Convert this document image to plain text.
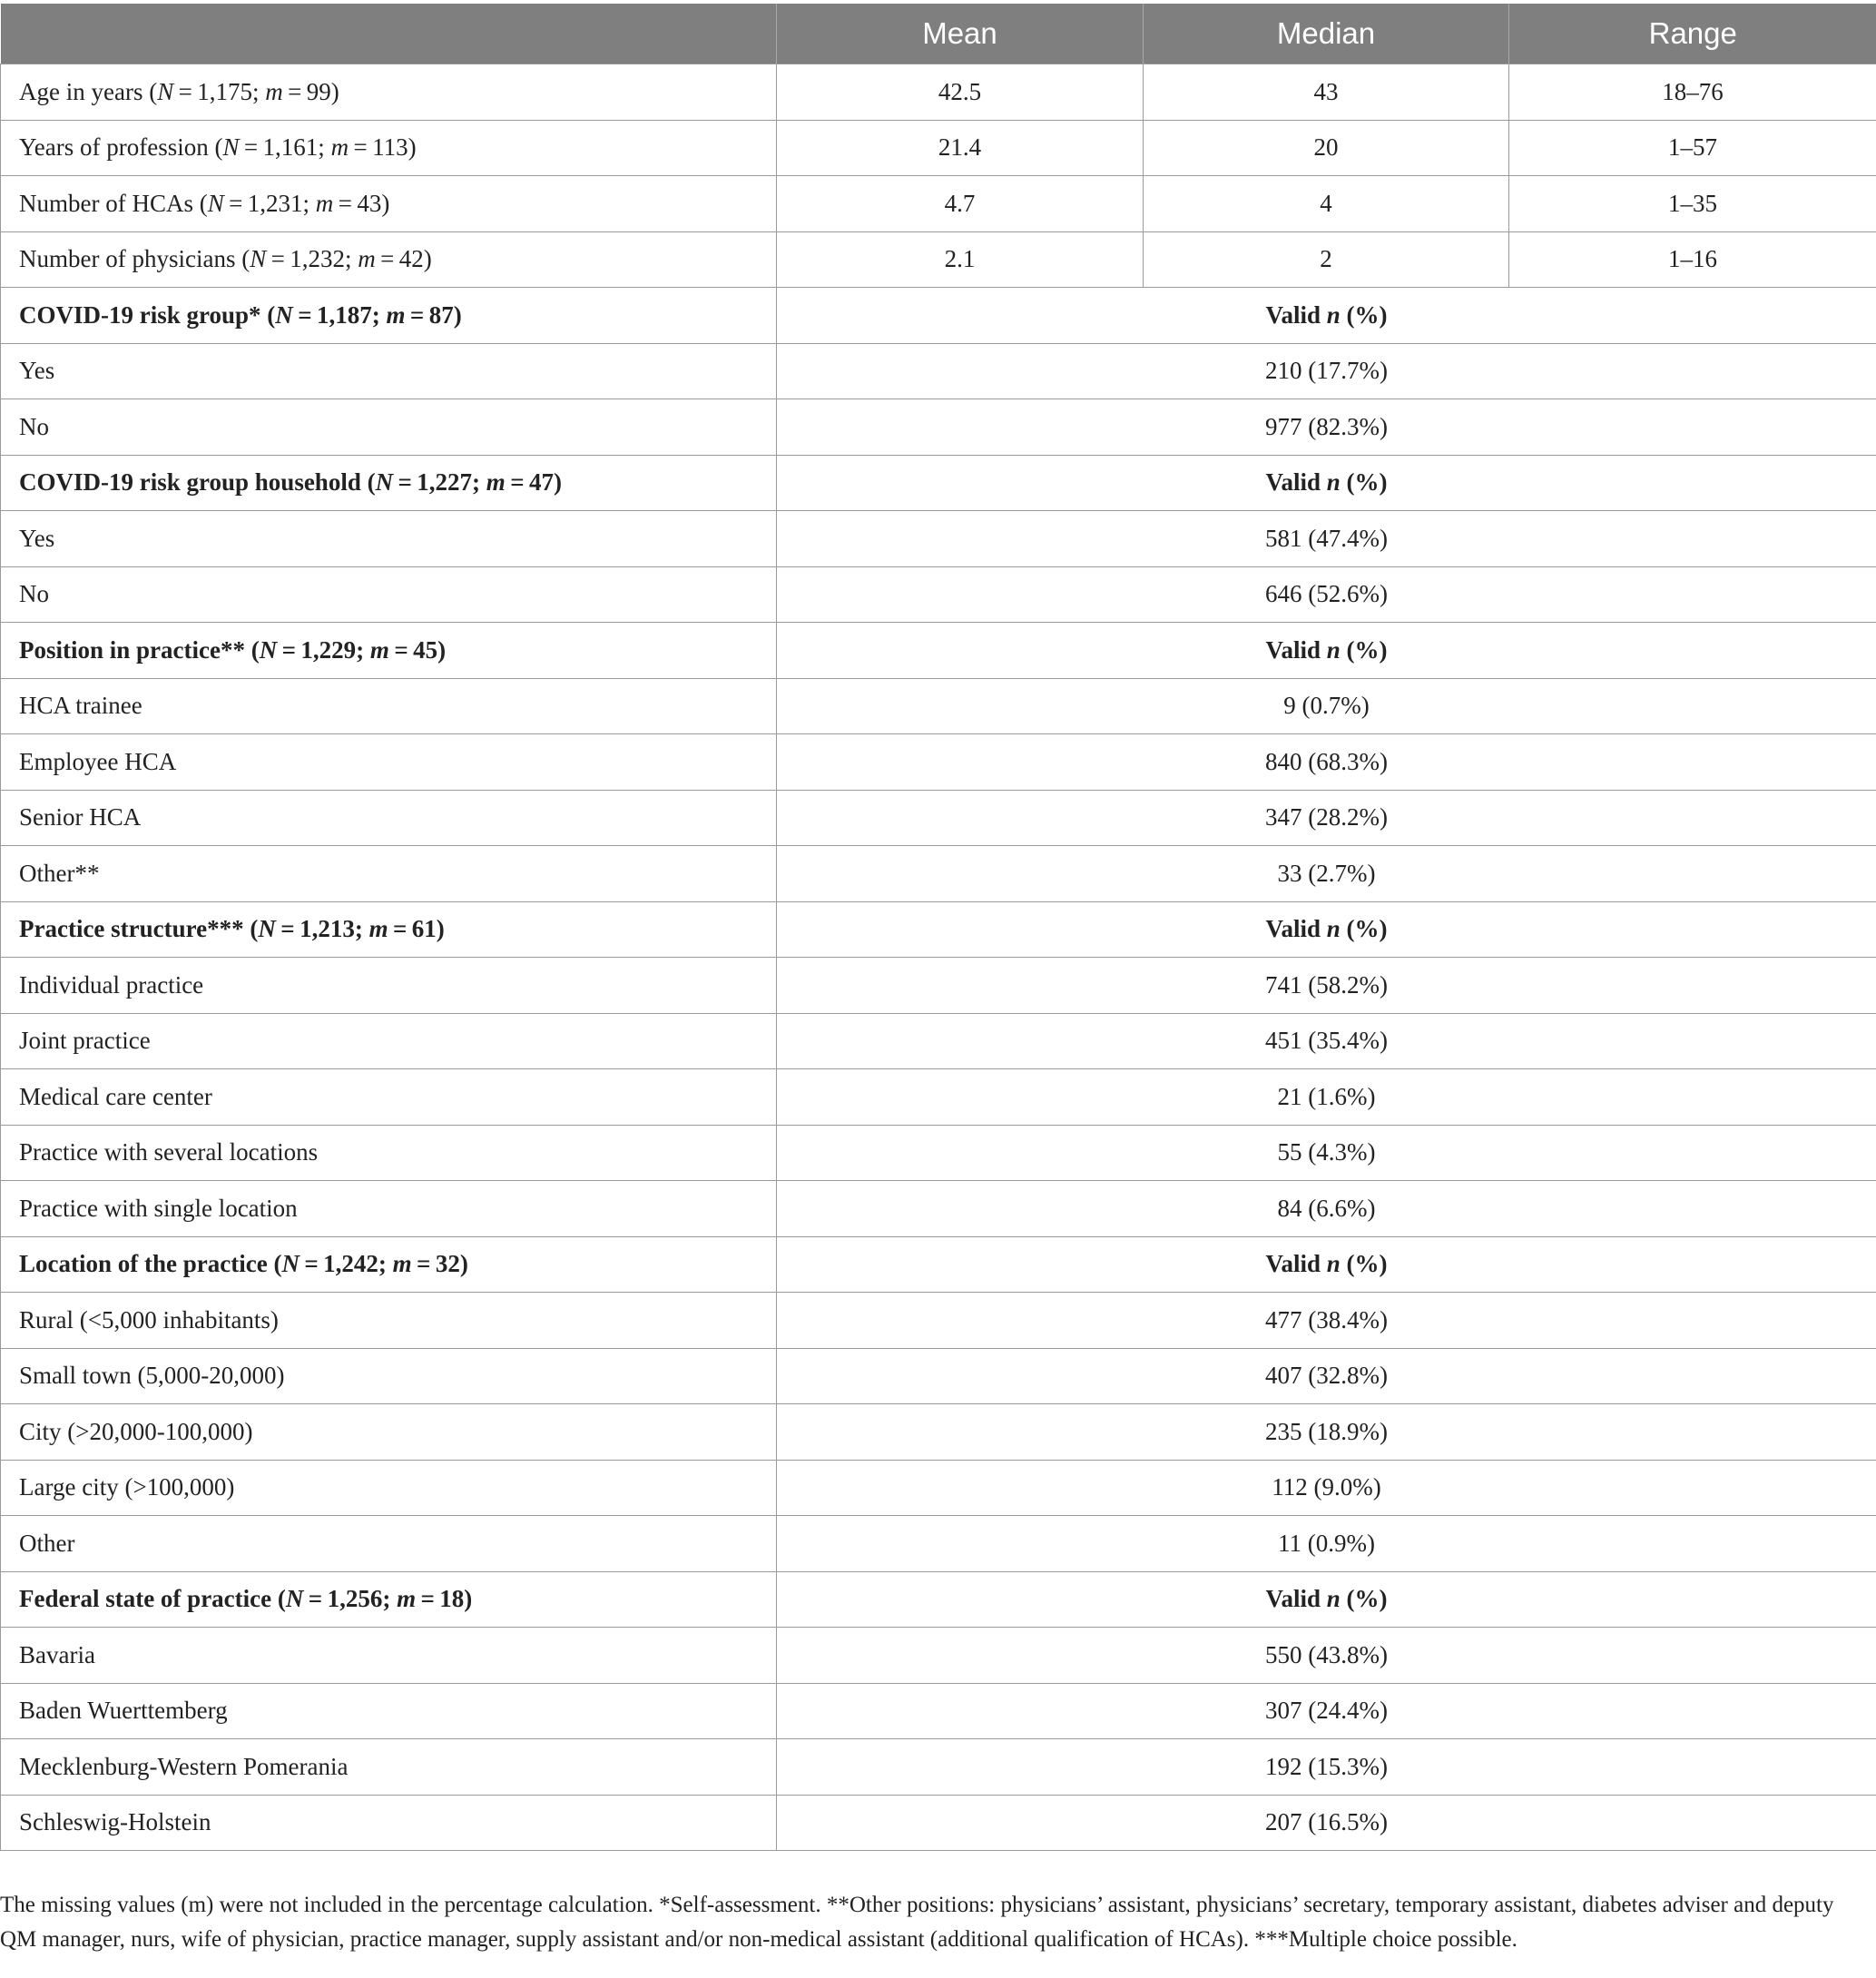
	Mean	Median	Range
Age in years (N = 1,175; m = 99)	42.5	43	18–76
Years of profession (N = 1,161; m = 113)	21.4	20	1–57
Number of HCAs (N = 1,231; m = 43)	4.7	4	1–35
Number of physicians (N = 1,232; m = 42)	2.1	2	1–16
COVID-19 risk group* (N = 1,187; m = 87)	Valid n (%)		
Yes	210 (17.7%)		
No	977 (82.3%)		
COVID-19 risk group household (N = 1,227; m = 47)	Valid n (%)		
Yes	581 (47.4%)		
No	646 (52.6%)		
Position in practice** (N = 1,229; m = 45)	Valid n (%)		
HCA trainee	9 (0.7%)		
Employee HCA	840 (68.3%)		
Senior HCA	347 (28.2%)		
Other**	33 (2.7%)		
Practice structure*** (N = 1,213; m = 61)	Valid n (%)		
Individual practice	741 (58.2%)		
Joint practice	451 (35.4%)		
Medical care center	21 (1.6%)		
Practice with several locations	55 (4.3%)		
Practice with single location	84 (6.6%)		
Location of the practice (N = 1,242; m = 32)	Valid n (%)		
Rural (<5,000 inhabitants)	477 (38.4%)		
Small town (5,000-20,000)	407 (32.8%)		
City (>20,000-100,000)	235 (18.9%)		
Large city (>100,000)	112 (9.0%)		
Other	11 (0.9%)		
Federal state of practice (N = 1,256; m = 18)	Valid n (%)		
Bavaria	550 (43.8%)		
Baden Wuerttemberg	307 (24.4%)		
Mecklenburg-Western Pomerania	192 (15.3%)		
Schleswig-Holstein	207 (16.5%)		
The missing values (m) were not included in the percentage calculation. *Self-assessment. **Other positions: physicians’ assistant, physicians’ secretary, temporary assistant, diabetes adviser and deputy QM manager, nurs, wife of physician, practice manager, supply assistant and/or non-medical assistant (additional qualification of HCAs). ***Multiple choice possible.
